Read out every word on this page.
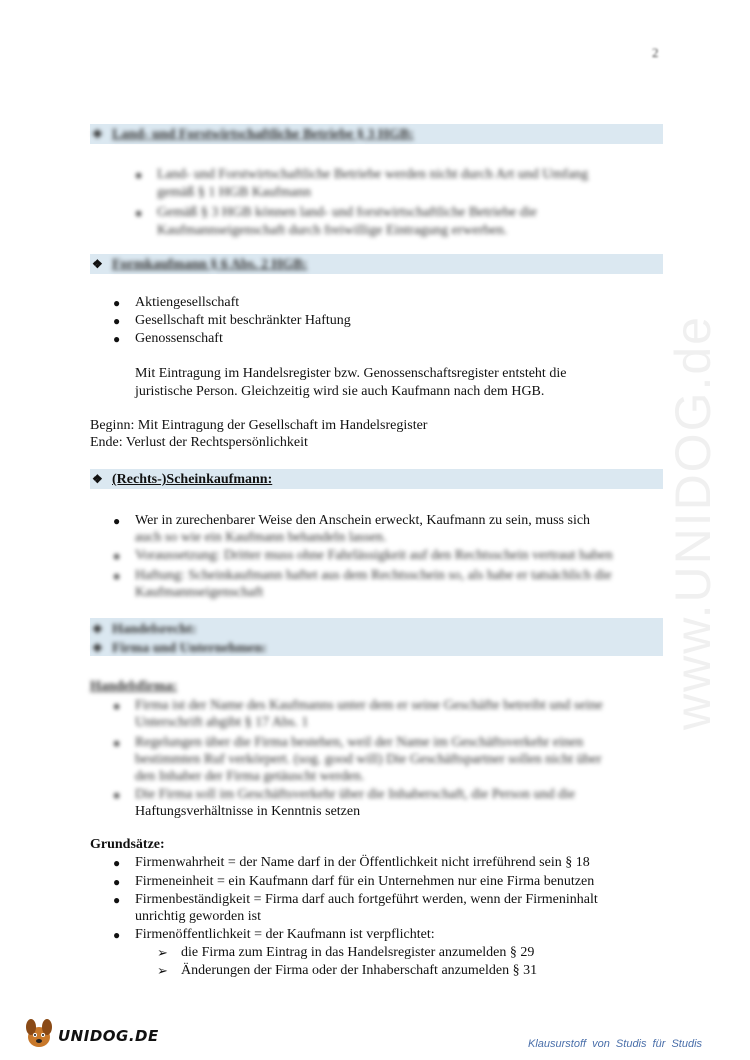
2
❖ Land- und Forstwirtschaftliche Betriebe § 3 HGB:
● Land- und Forstwirtschaftliche Betriebe werden nicht durch Art und Umfang
gemäß § 1 HGB Kaufmann
● Gemäß § 3 HGB können land- und forstwirtschaftliche Betriebe die
Kaufmannseigenschaft durch freiwillige Eintragung erwerben.
❖ Formkaufmann § 6 Abs. 2 HGB:
● Aktiengesellschaft
● Gesellschaft mit beschränkter Haftung
● Genossenschaft
Mit Eintragung im Handelsregister bzw. Genossenschaftsregister entsteht die
juristische Person. Gleichzeitig wird sie auch Kaufmann nach dem HGB.
Beginn: Mit Eintragung der Gesellschaft im Handelsregister
Ende: Verlust der Rechtspersönlichkeit
❖ (Rechts-)Scheinkaufmann:
● Wer in zurechenbarer Weise den Anschein erweckt, Kaufmann zu sein, muss sich
auch so wie ein Kaufmann behandeln lassen.
● Voraussetzung: Dritter muss ohne Fahrlässigkeit auf den Rechtsschein vertraut haben
● Haftung: Scheinkaufmann haftet aus dem Rechtsschein so, als habe er tatsächlich die
Kaufmannseigenschaft
❖ Handelsrecht:
❖ Firma und Unternehmen:
Handelsfirma:
● Firma ist der Name des Kaufmanns unter dem er seine Geschäfte betreibt und seine
Unterschrift abgibt § 17 Abs. 1
● Regelungen über die Firma bestehen, weil der Name im Geschäftsverkehr einen
bestimmten Ruf verkörpert. (sog. good will) Die Geschäftspartner sollen nicht über
den Inhaber der Firma getäuscht werden.
● Die Firma soll im Geschäftsverkehr über die Inhaberschaft, die Person und die
Haftungsverhältnisse in Kenntnis setzen
Grundsätze:
● Firmenwahrheit = der Name darf in der Öffentlichkeit nicht irreführend sein § 18
● Firmeneinheit = ein Kaufmann darf für ein Unternehmen nur eine Firma benutzen
● Firmenbeständigkeit = Firma darf auch fortgeführt werden, wenn der Firmeninhalt
unrichtig geworden ist
● Firmenöffentlichkeit = der Kaufmann ist verpflichtet:
➢ die Firma zum Eintrag in das Handelsregister anzumelden § 29
➢ Änderungen der Firma oder der Inhaberschaft anzumelden § 31
www.UNIDOG.de
UNIDOG.DE	Klausurstoff von Studis für Studis
